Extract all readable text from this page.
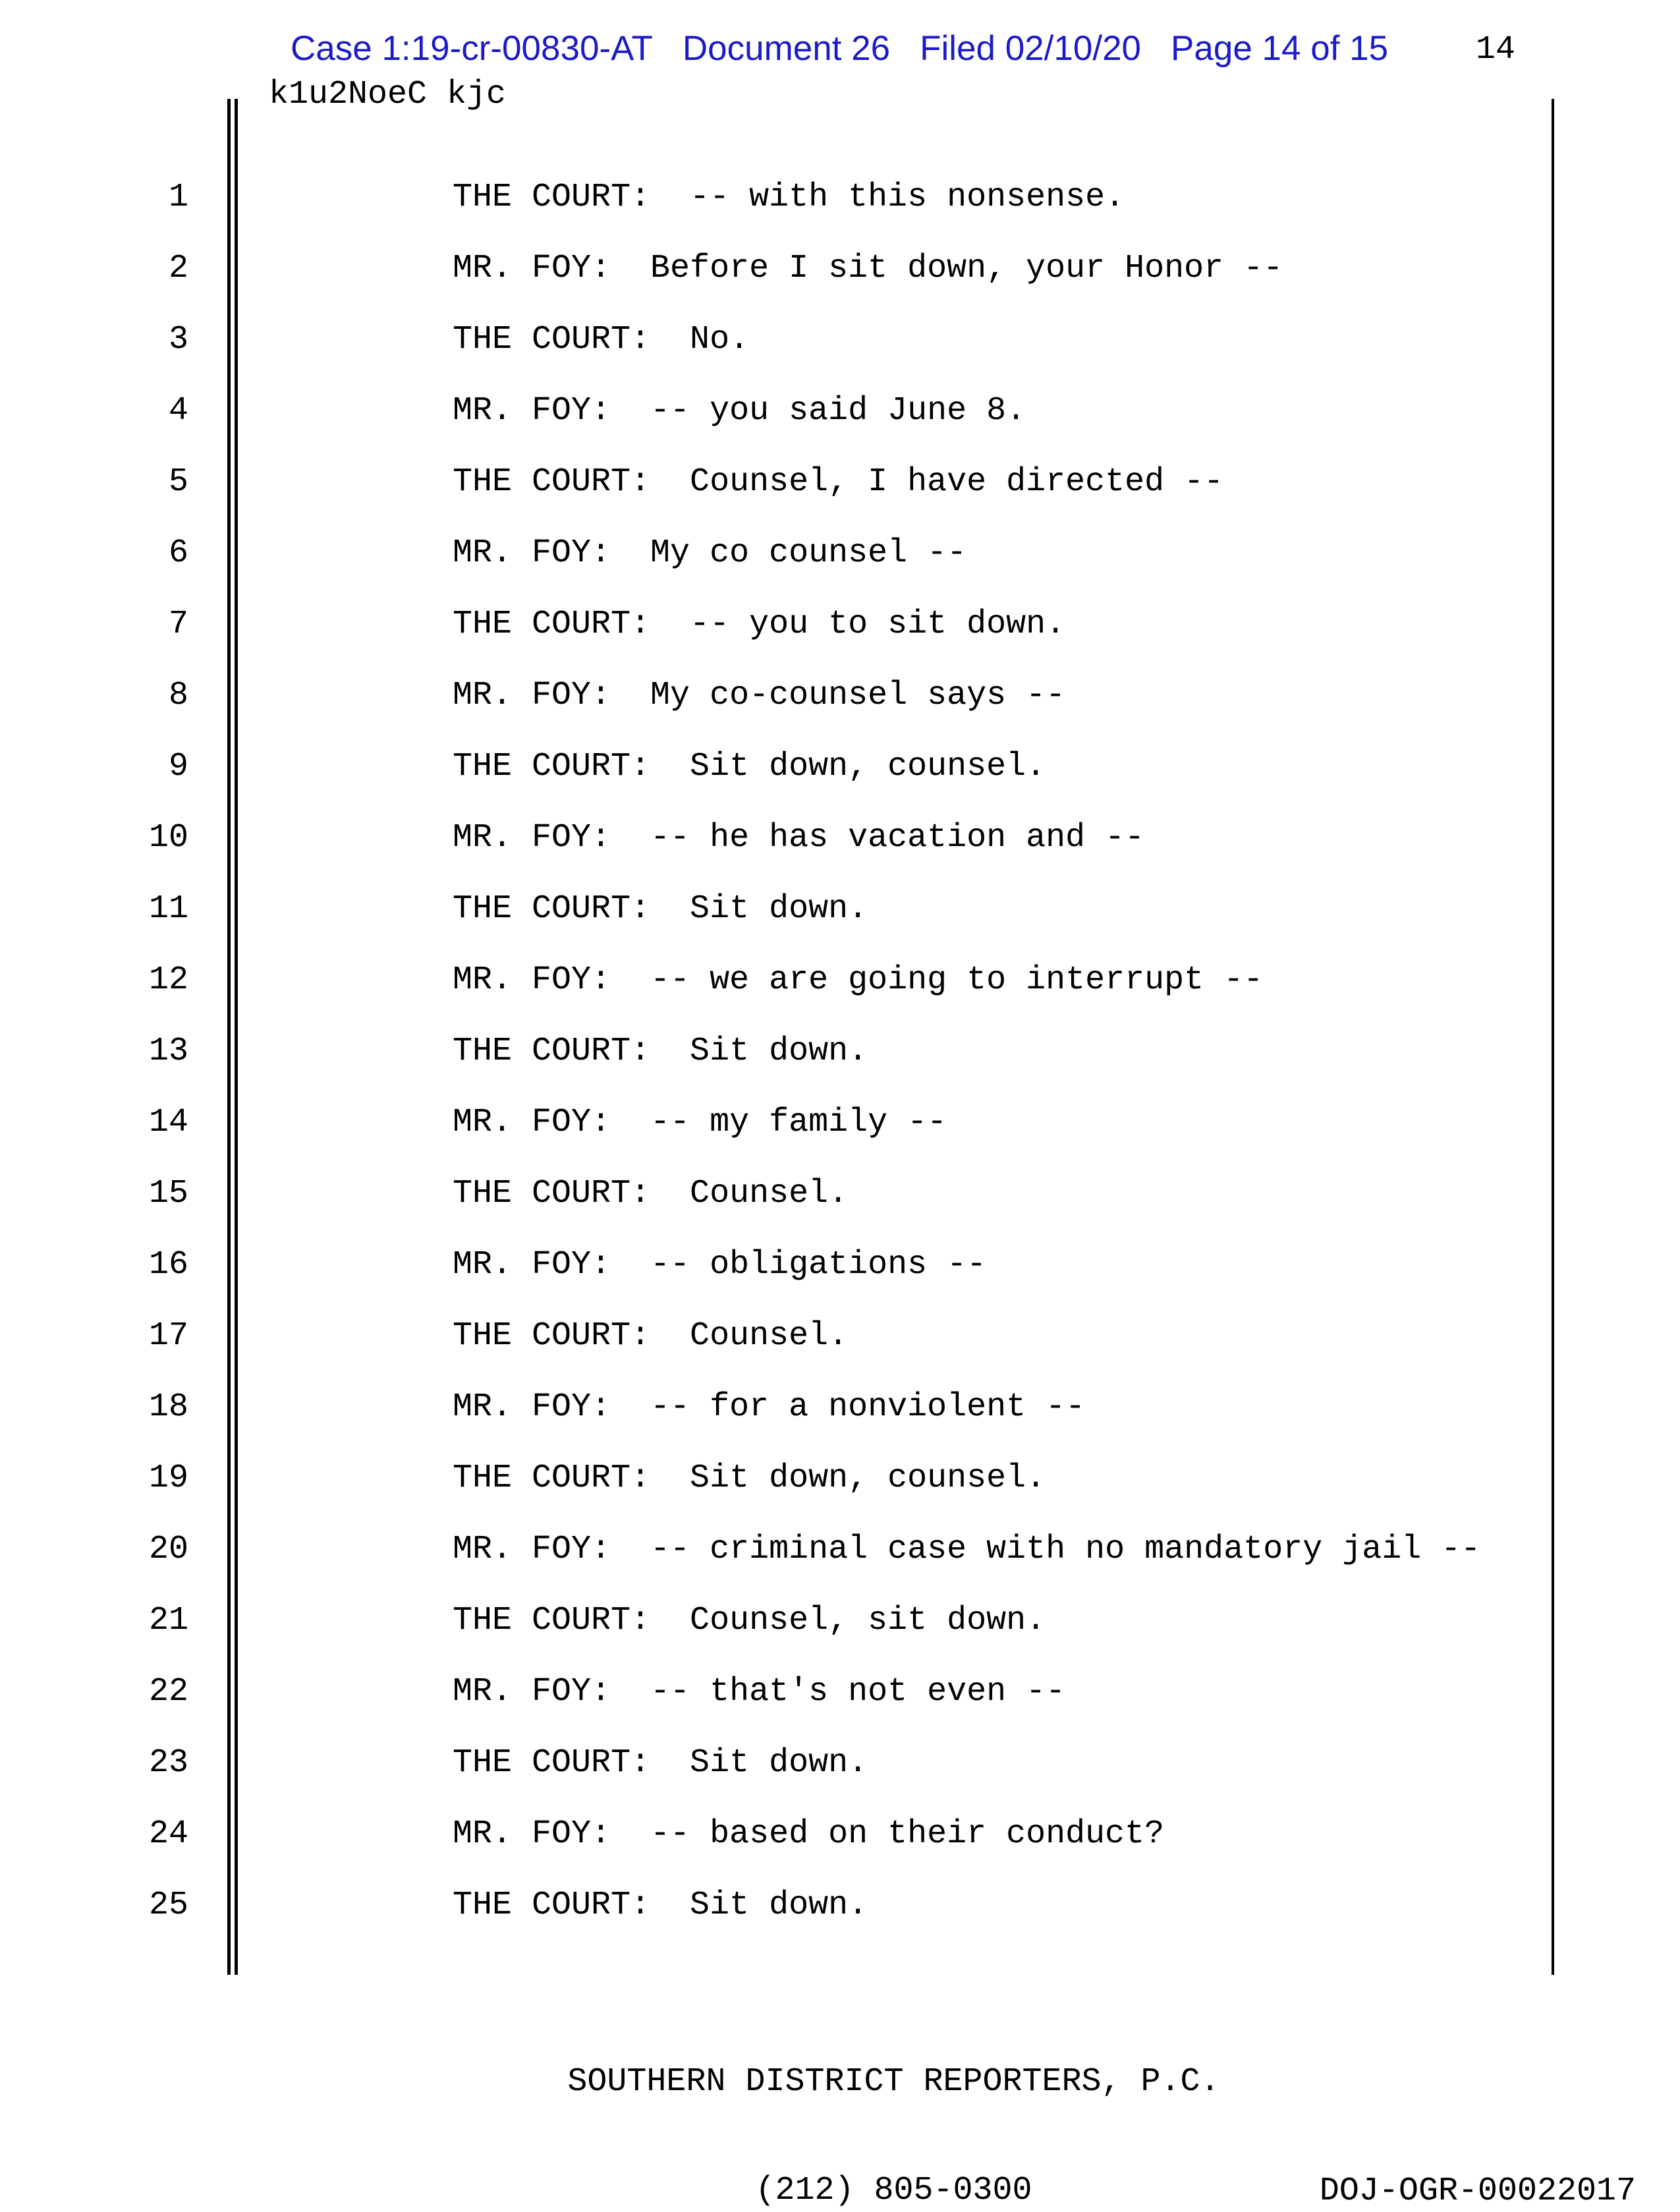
Case 1:19-cr-00830-AT Document 26 Filed 02/10/20 Page 14 of 15	14
k1u2NoeC kjc
1	THE COURT:  -- with this nonsense.
2	MR. FOY:  Before I sit down, your Honor --
3	THE COURT:  No.
4	MR. FOY:  -- you said June 8.
5	THE COURT:  Counsel, I have directed --
6	MR. FOY:  My co counsel --
7	THE COURT:  -- you to sit down.
8	MR. FOY:  My co-counsel says --
9	THE COURT:  Sit down, counsel.
10	MR. FOY:  -- he has vacation and --
11	THE COURT:  Sit down.
12	MR. FOY:  -- we are going to interrupt --
13	THE COURT:  Sit down.
14	MR. FOY:  -- my family --
15	THE COURT:  Counsel.
16	MR. FOY:  -- obligations --
17	THE COURT:  Counsel.
18	MR. FOY:  -- for a nonviolent --
19	THE COURT:  Sit down, counsel.
20	MR. FOY:  -- criminal case with no mandatory jail --
21	THE COURT:  Counsel, sit down.
22	MR. FOY:  -- that's not even --
23	THE COURT:  Sit down.
24	MR. FOY:  -- based on their conduct?
25	THE COURT:  Sit down.

SOUTHERN DISTRICT REPORTERS, P.C.

(212) 805-0300

	DOJ-OGR-00022017
